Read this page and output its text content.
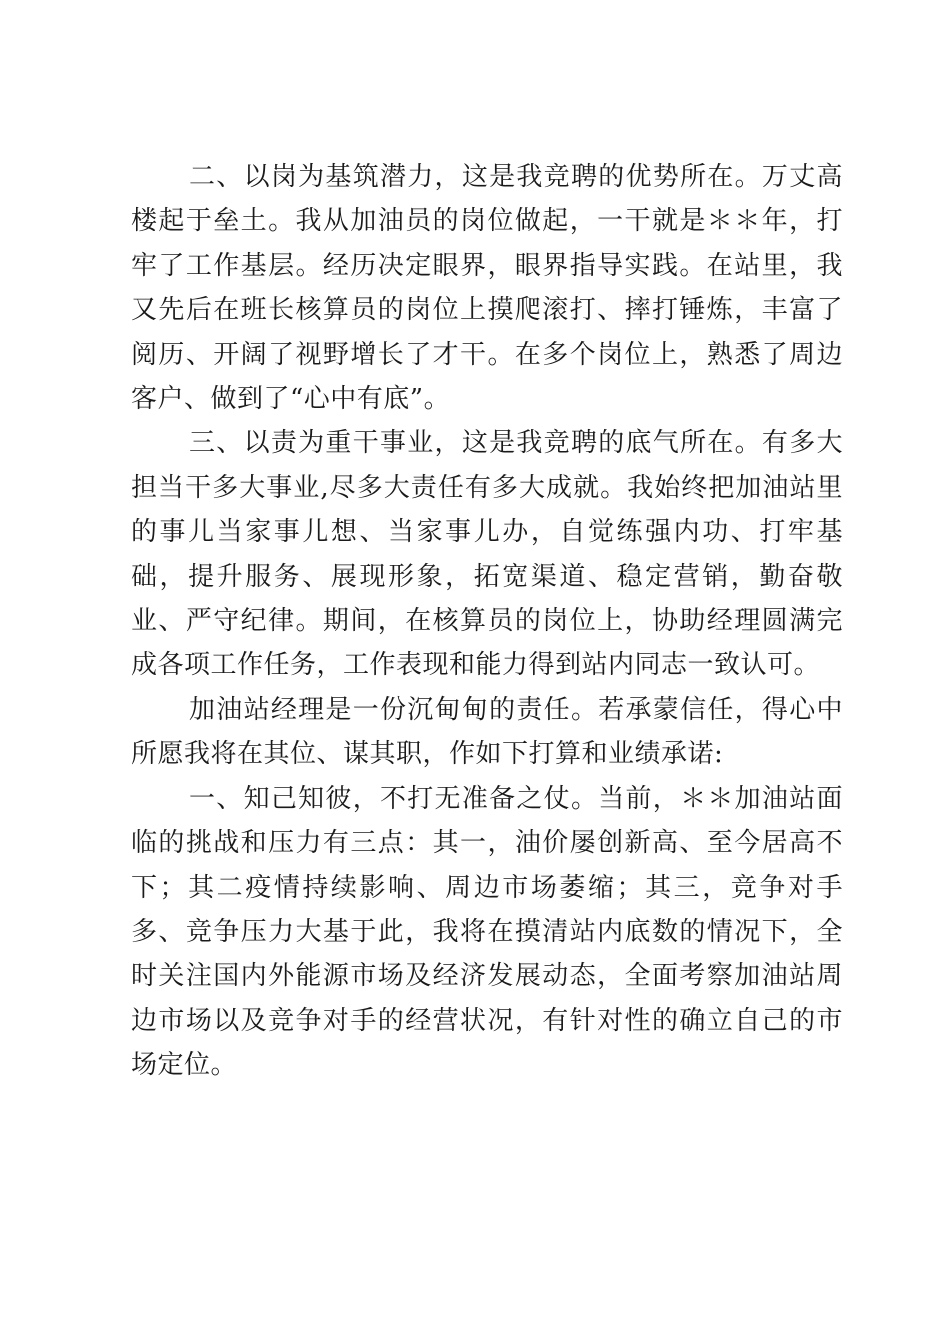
二、以岗为基筑潜力，这是我竞聘的优势所在。万丈高楼起于垒土。我从加油员的岗位做起，一干就是＊＊年，打牢了工作基层。经历决定眼界，眼界指导实践。在站里，我又先后在班长核算员的岗位上摸爬滚打、摔打锤炼，丰富了阅历、开阔了视野增长了才干。在多个岗位上，熟悉了周边客户、做到了“心中有底”。

三、以责为重干事业，这是我竞聘的底气所在。有多大担当干多大事业,尽多大责任有多大成就。我始终把加油站里的事儿当家事儿想、当家事儿办，自觉练强内功、打牢基础，提升服务、展现形象，拓宽渠道、稳定营销，勤奋敬业、严守纪律。期间，在核算员的岗位上，协助经理圆满完成各项工作任务，工作表现和能力得到站内同志一致认可。

加油站经理是一份沉甸甸的责任。若承蒙信任，得心中所愿我将在其位、谋其职，作如下打算和业绩承诺:

一、知己知彼，不打无准备之仗。当前，＊＊加油站面临的挑战和压力有三点：其一，油价屡创新高、至今居高不下；其二疫情持续影响、周边市场萎缩；其三，竞争对手多、竞争压力大基于此，我将在摸清站内底数的情况下，全时关注国内外能源市场及经济发展动态，全面考察加油站周边市场以及竞争对手的经营状况，有针对性的确立自己的市场定位。
